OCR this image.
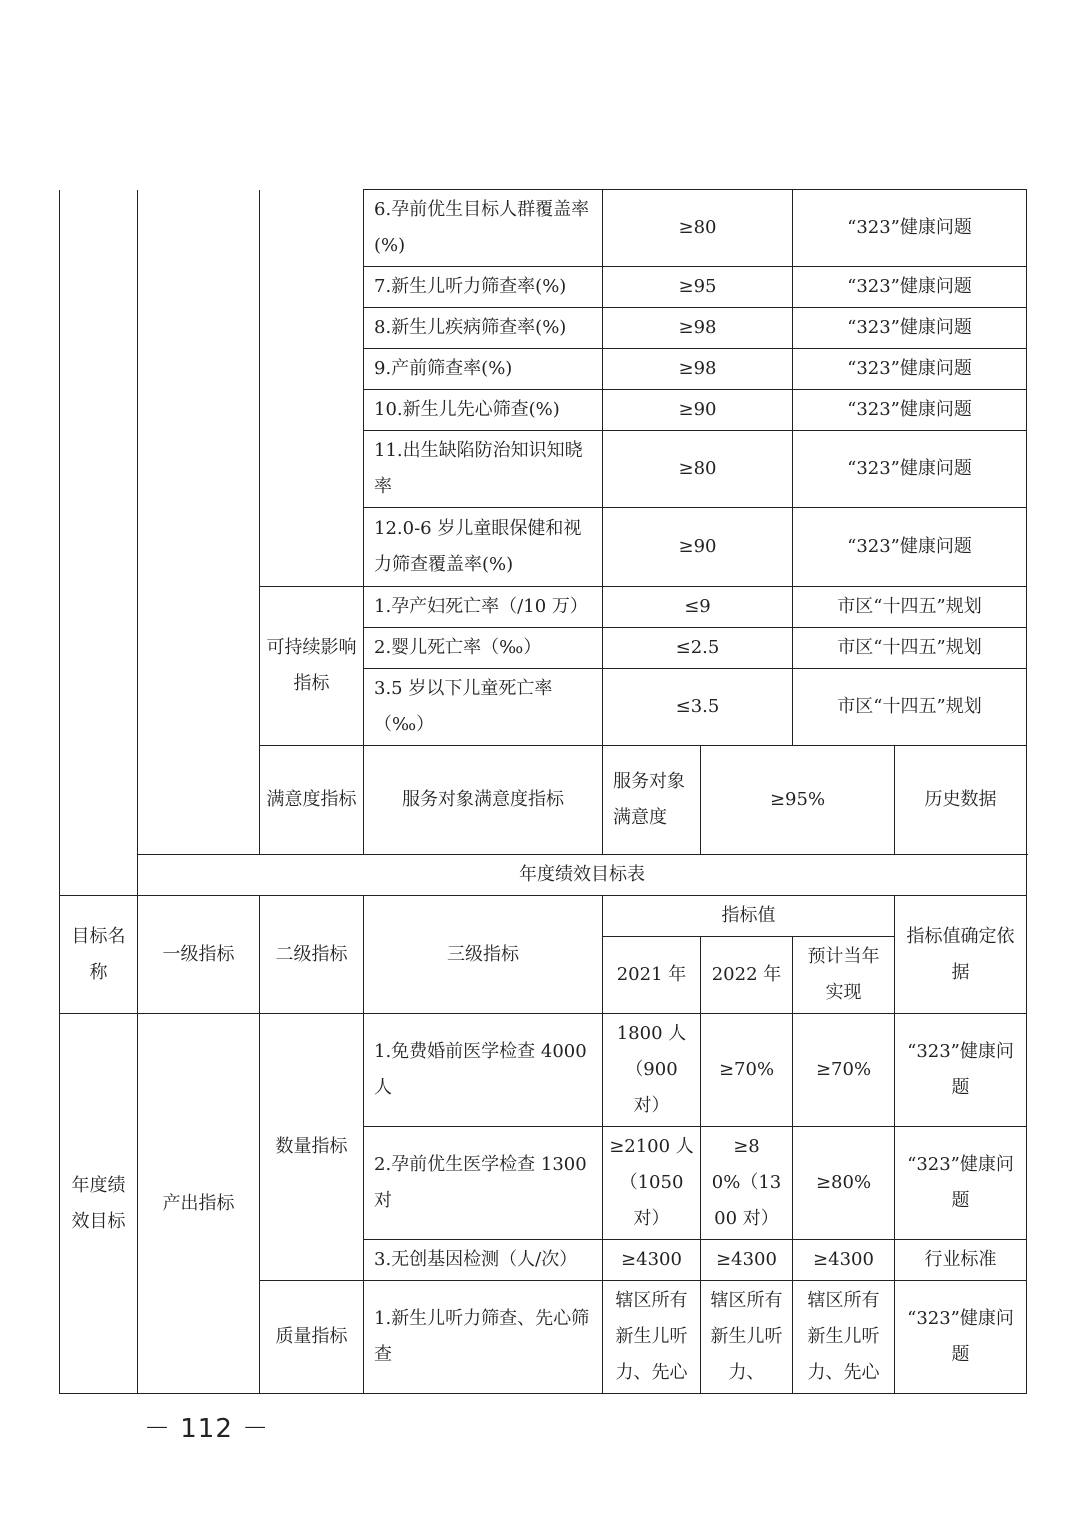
			6.孕前优生目标人群覆盖率(%)	≥80		“323”健康问题	
			7.新生儿听力筛查率(%)	≥95		“323”健康问题	
			8.新生儿疾病筛查率(%)	≥98		“323”健康问题	
			9.产前筛查率(%)	≥98		“323”健康问题	
			10.新生儿先心筛查(%)	≥90		“323”健康问题	
			11.出生缺陷防治知识知晓率	≥80		“323”健康问题	
			12.0-6 岁儿童眼保健和视力筛查覆盖率(%)	≥90		“323”健康问题	
		可持续影响指标	1.孕产妇死亡率（/10 万）	≤9		市区“十四五”规划	
			2.婴儿死亡率（‰）	≤2.5		市区“十四五”规划	
			3.5 岁以下儿童死亡率（‰）	≤3.5		市区“十四五”规划	
		满意度指标	服务对象满意度指标	服务对象满意度	≥95%		历史数据
	年度绩效目标表						
目标名称	一级指标	二级指标	三级指标	指标值			指标值确定依据
				2021 年	2022 年	预计当年实现	
年度绩效目标	产出指标	数量指标	1.免费婚前医学检查 4000 人	1800 人（900 对）	≥70%	≥70%	“323”健康问题
			2.孕前优生医学检查 1300 对	≥2100 人（1050 对）	≥80%（1300 对）	≥80%	“323”健康问题
			3.无创基因检测（人/次）	≥4300	≥4300	≥4300	行业标准
		质量指标	1.新生儿听力筛查、先心筛查	辖区所有新生儿听力、先心	辖区所有新生儿听力、	辖区所有新生儿听力、先心	“323”健康问题
－ 112 －
